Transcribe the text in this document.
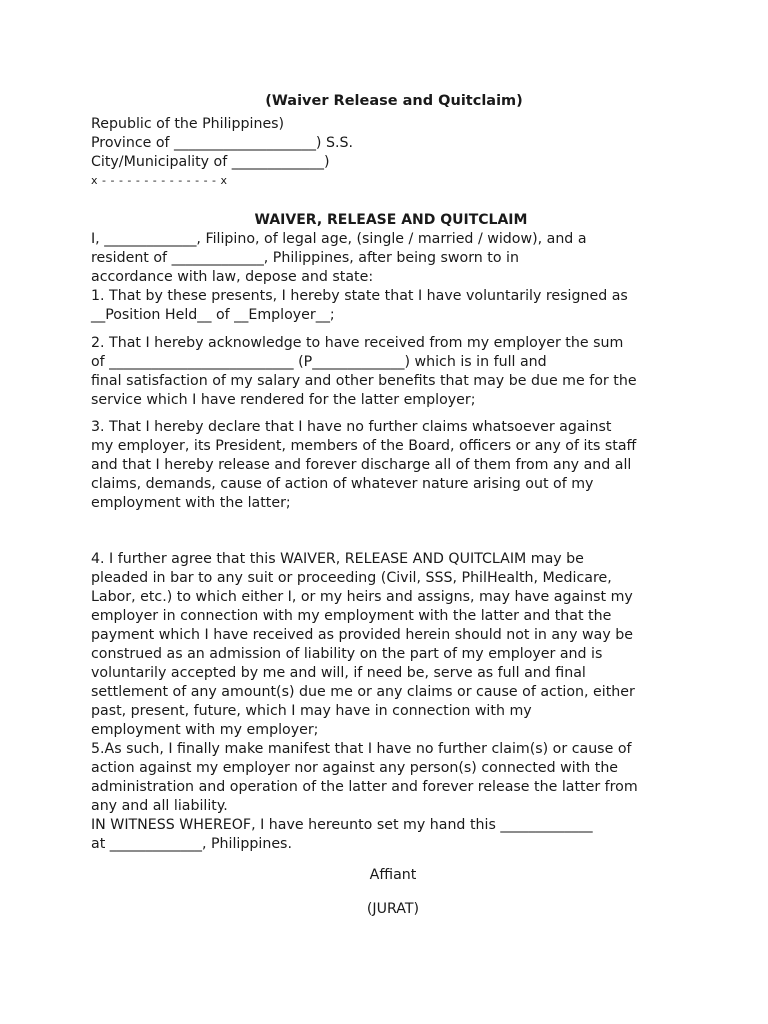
(Waiver Release and Quitclaim)
Republic of the Philippines)
Province of ____________________) S.S.
City/Municipality of _____________)
x - - - - - - - - - - - - - - x
WAIVER, RELEASE AND QUITCLAIM
I, _____________, Filipino, of legal age, (single / married / widow), and a
resident of _____________, Philippines, after being sworn to in
accordance with law, depose and state:
1. That by these presents, I hereby state that I have voluntarily resigned as
__Position Held__ of __Employer__;
2. That I hereby acknowledge to have received from my employer the sum
of __________________________ (P_____________) which is in full and
final satisfaction of my salary and other benefits that may be due me for the
service which I have rendered for the latter employer;
3. That I hereby declare that I have no further claims whatsoever against
my employer, its President, members of the Board, officers or any of its staff
and that I hereby release and forever discharge all of them from any and all
claims, demands, cause of action of whatever nature arising out of my
employment with the latter;
4. I further agree that this WAIVER, RELEASE AND QUITCLAIM may be
pleaded in bar to any suit or proceeding (Civil, SSS, PhilHealth, Medicare,
Labor, etc.) to which either I, or my heirs and assigns, may have against my
employer in connection with my employment with the latter and that the
payment which I have received as provided herein should not in any way be
construed as an admission of liability on the part of my employer and is
voluntarily accepted by me and will, if need be, serve as full and final
settlement of any amount(s) due me or any claims or cause of action, either
past, present, future, which I may have in connection with my
employment with my employer;
5.As such, I finally make manifest that I have no further claim(s) or cause of
action against my employer nor against any person(s) connected with the
administration and operation of the latter and forever release the latter from
any and all liability.
IN WITNESS WHEREOF, I have hereunto set my hand this _____________
at _____________, Philippines.
Affiant
(JURAT)
